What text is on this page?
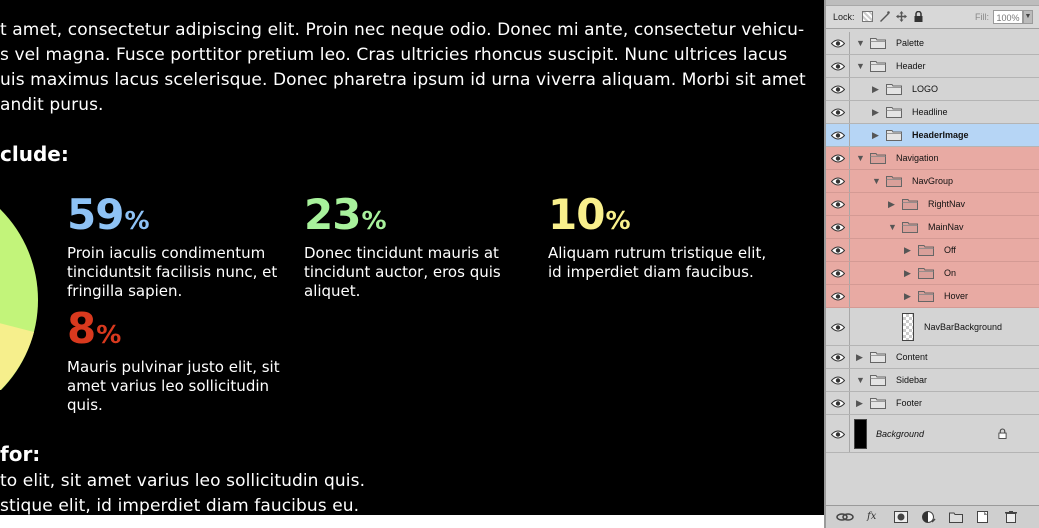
t amet, consectetur adipiscing elit. Proin nec neque odio. Donec mi ante, consectetur vehicu-
s vel magna. Fusce porttitor pretium leo. Cras ultricies rhoncus suscipit. Nunc ultrices lacus
uis maximus lacus scelerisque. Donec pharetra ipsum id urna viverra aliquam. Morbi sit amet
andit purus.
clude:
59%
Proin iaculis condimentum
tinciduntsit facilisis nunc, et
fringilla sapien.
23%
Donec tincidunt mauris at
tincidunt auctor, eros quis
aliquet.
10%
Aliquam rutrum tristique elit,
id imperdiet diam faucibus.
8%
Mauris pulvinar justo elit, sit
amet varius leo sollicitudin
quis.
for:
to elit, sit amet varius leo sollicitudin quis.
stique elit, id imperdiet diam faucibus eu.
Lock:	Fill: 100% ▼
▼	Palette
▼	Header
▶	LOGO
▶	Headline
▶	HeaderImage
▼	Navigation
▼	NavGroup
▶	RightNav
▼	MainNav
▶	Off
▶	On
▶	Hover
NavBarBackground
▶	Content
▼	Sidebar
▶	Footer
Background
fx
